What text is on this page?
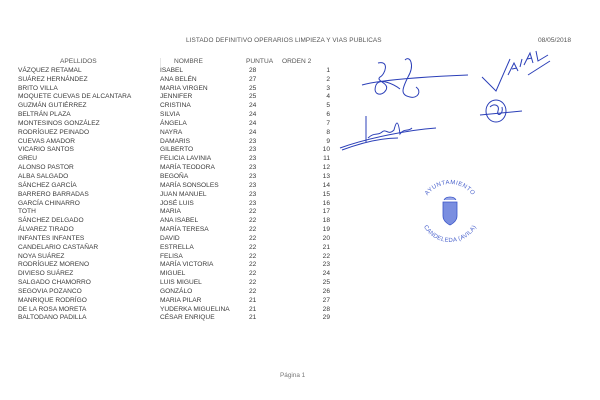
LISTADO DEFINITIVO OPERARIOS LIMPIEZA Y VIAS PUBLICAS	08/05/2018
APELLIDOS	NOMBRE	PUNTUA ORDEN 2
VÁZQUEZ RETAMAL	ISABEL	28	1
SUÁREZ HERNÁNDEZ	ANA BELÉN	27	2
BRITO VILLA	MARIA VIRGEN	25	3
MOQUETE CUEVAS DE ALCANTARA	JENNIFER	25	4
GUZMÁN GUTIÉRREZ	CRISTINA	24	5
BELTRÁN PLAZA	SILVIA	24	6
MONTESINOS GONZÁLEZ	ÁNGELA	24	7
RODRÍGUEZ PEINADO	NAYRA	24	8
CUEVAS AMADOR	DAMARIS	23	9
VICARIO SANTOS	GILBERTO	23	10
GREU	FELICIA LAVINIA	23	11
ALONSO PASTOR	MARÍA TEODORA	23	12
ALBA SALGADO	BEGOÑA	23	13
SÁNCHEZ GARCÍA	MARÍA SONSOLES	23	14
BARRERO BARRADAS	JUAN MANUEL	23	15
GARCÍA CHINARRO	JOSÉ LUIS	23	16
TOTH	MARIA	22	17
SÁNCHEZ DELGADO	ANA ISABEL	22	18
ÁLVAREZ TIRADO	MARÍA TERESA	22	19
INFANTES INFANTES	DAVID	22	20
CANDELARIO CASTAÑAR	ESTRELLA	22	21
NOYA SUÁREZ	FELISA	22	22
RODRÍGUEZ MORENO	MARÍA VICTORIA	22	23
DIVIESO SUÁREZ	MIGUEL	22	24
SALGADO CHAMORRO	LUIS MIGUEL	22	25
SEGOVIA POZANCO	GONZÁLO	22	26
MANRIQUE RODRÍGO	MARIA PILAR	21	27
DE LA ROSA MORETA	YUDERKA MIGUELINA	21	28
BALTODANO PADILLA	CÉSAR ENRIQUE	21	29
AYUNTAMIENTO
CANDELEDA (AVILA)
Página 1
